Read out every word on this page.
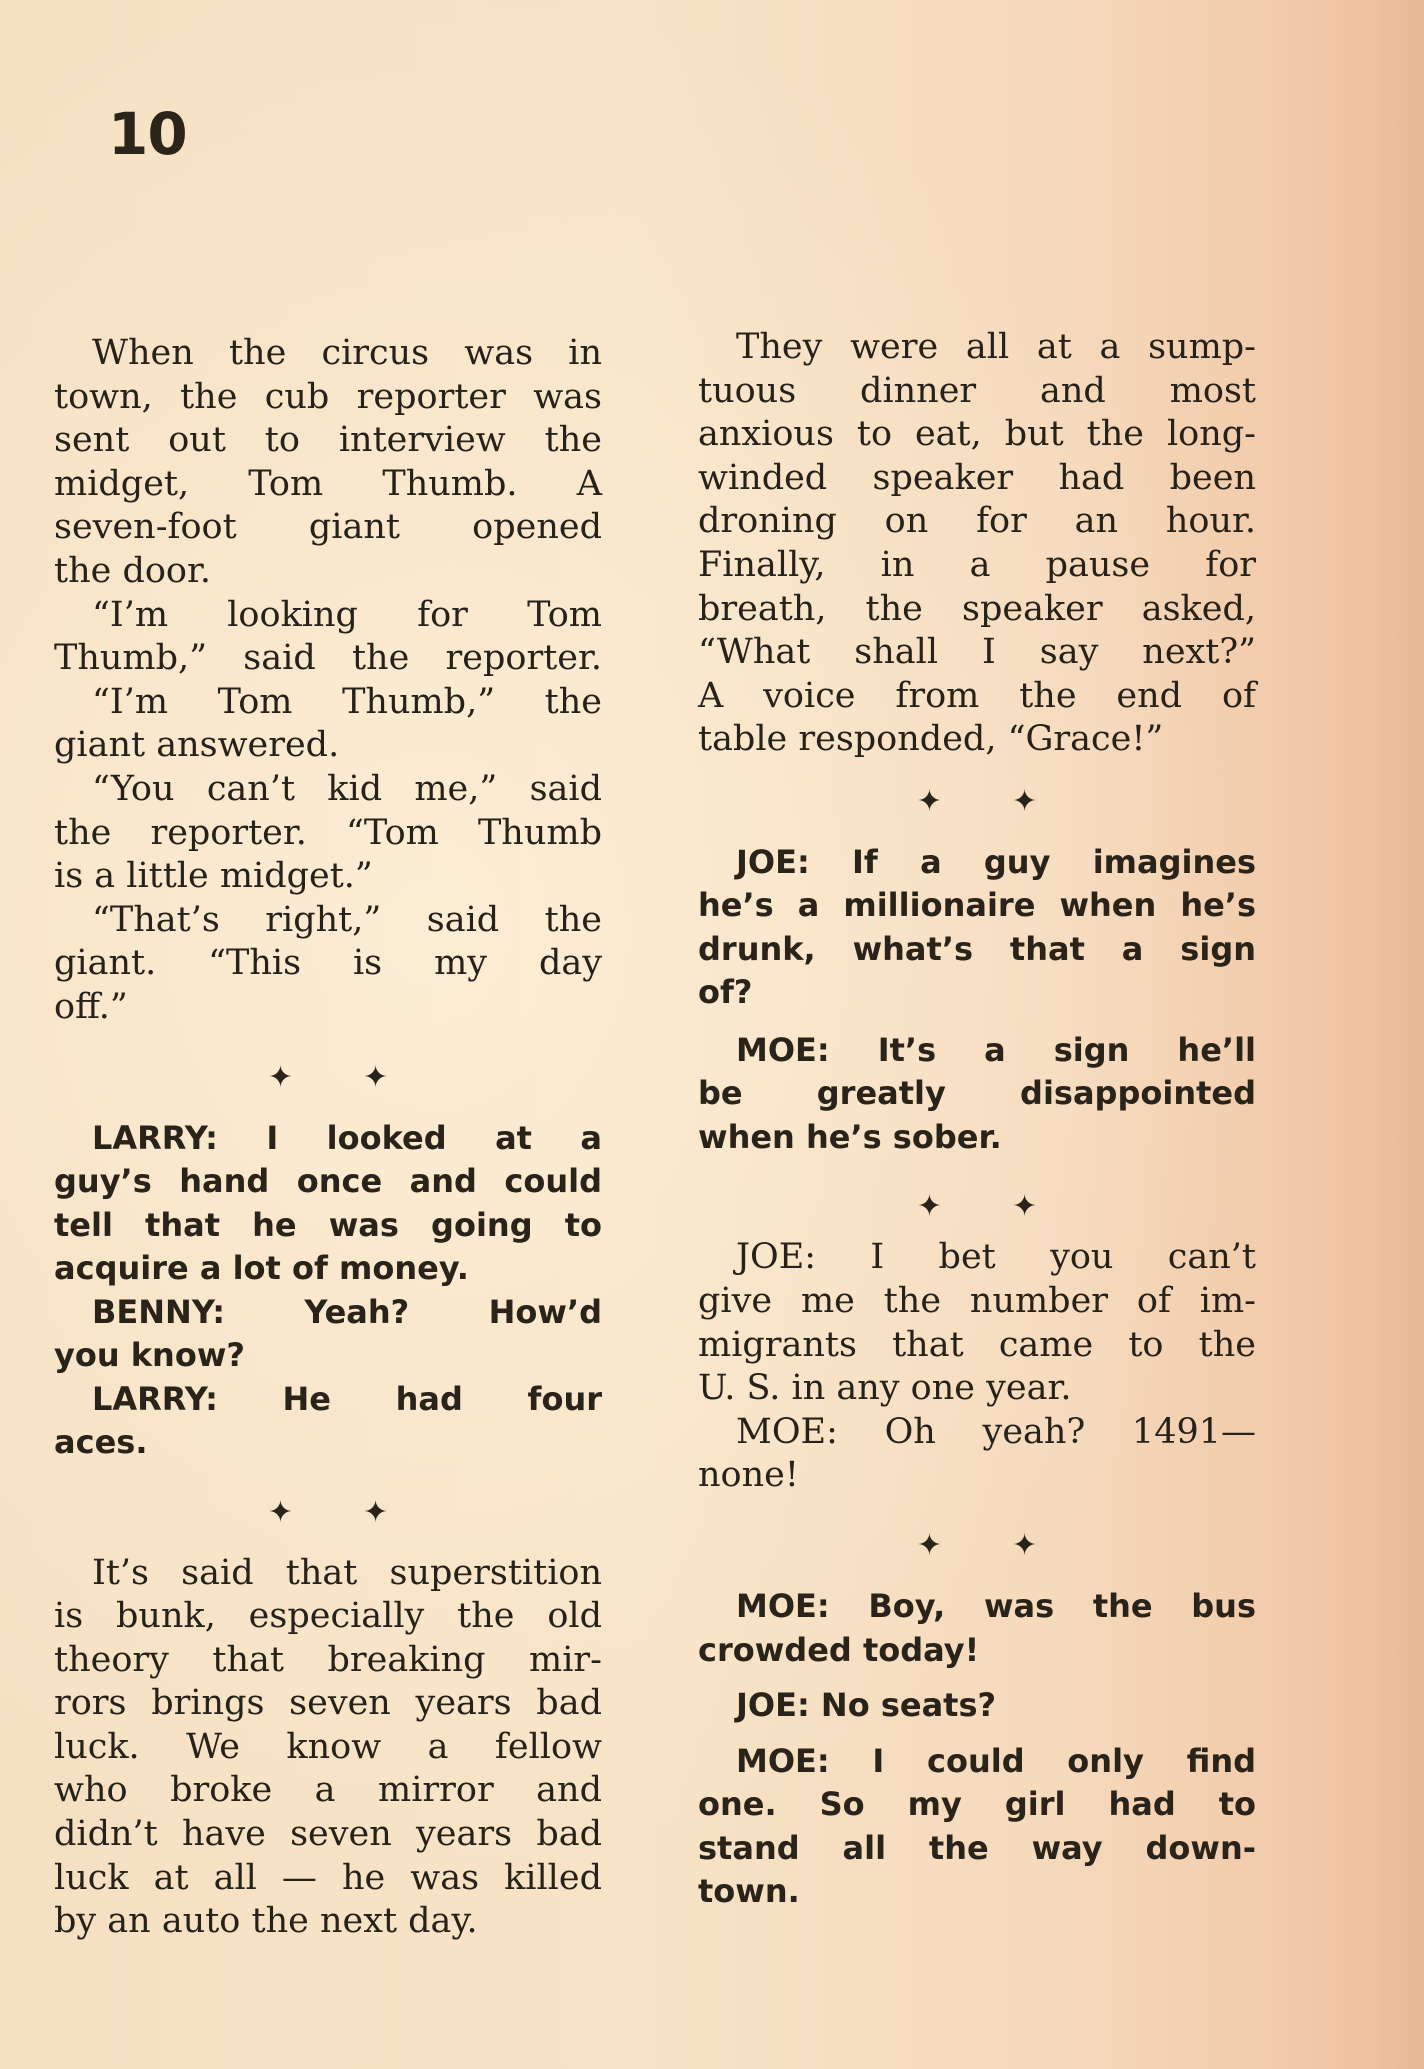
10
When the circus was in
town, the cub reporter was
sent out to interview the
midget, Tom Thumb. A
seven-foot giant opened
the door.
“I’m looking for Tom
Thumb,” said the reporter.
“I’m Tom Thumb,” the
giant answered.
“You can’t kid me,” said
the reporter. “Tom Thumb
is a little midget.”
“That’s right,” said the
giant. “This is my day
off.”
✦ ✦
LARRY: I looked at a
guy’s hand once and could
tell that he was going to
acquire a lot of money.
BENNY: Yeah? How’d
you know?
LARRY: He had four
aces.
✦ ✦
It’s said that superstition
is bunk, especially the old
theory that breaking mir-
rors brings seven years bad
luck. We know a fellow
who broke a mirror and
didn’t have seven years bad
luck at all — he was killed
by an auto the next day.
They were all at a sump-
tuous dinner and most
anxious to eat, but the long-
winded speaker had been
droning on for an hour.
Finally, in a pause for
breath, the speaker asked,
“What shall I say next?”
A voice from the end of
table responded, “Grace!”
✦ ✦
JOE: If a guy imagines
he’s a millionaire when he’s
drunk, what’s that a sign
of?
MOE: It’s a sign he’ll
be greatly disappointed
when he’s sober.
✦ ✦
JOE: I bet you can’t
give me the number of im-
migrants that came to the
U. S. in any one year.
MOE: Oh yeah? 1491—
none!
✦ ✦
MOE: Boy, was the bus
crowded today!
JOE: No seats?
MOE: I could only find
one. So my girl had to
stand all the way down-
town.
